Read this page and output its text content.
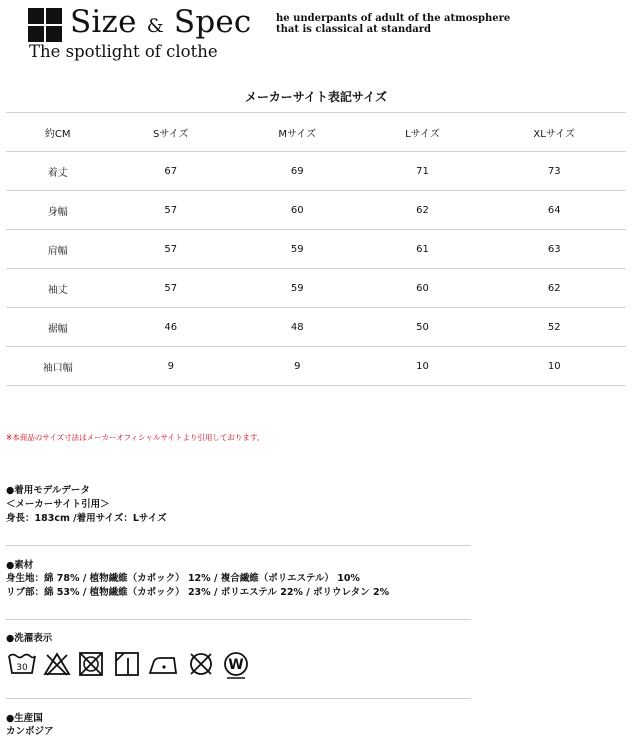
Size & Spec
The spotlight of clothe
he underpants of adult of the atmosphere
that is classical at standard
メーカーサイト表記サイズ
約CM	Sサイズ	Mサイズ	Lサイズ	XLサイズ
着丈	67	69	71	73
身幅	57	60	62	64
肩幅	57	59	61	63
袖丈	57	59	60	62
裾幅	46	48	50	52
袖口幅	9	9	10	10
※本商品のサイズ寸法はメーカーオフィシャルサイトより引用しております。
●着用モデルデータ
＜メーカーサイト引用＞
身長：183cm /着用サイズ：Lサイズ
●素材
身生地：綿 78% / 植物繊維（カポック） 12% / 複合繊維（ポリエステル） 10%
リブ部：綿 53% / 植物繊維（カポック） 23% / ポリエステル 22% / ポリウレタン 2%
●洗濯表示
30	W
●生産国
カンボジア
